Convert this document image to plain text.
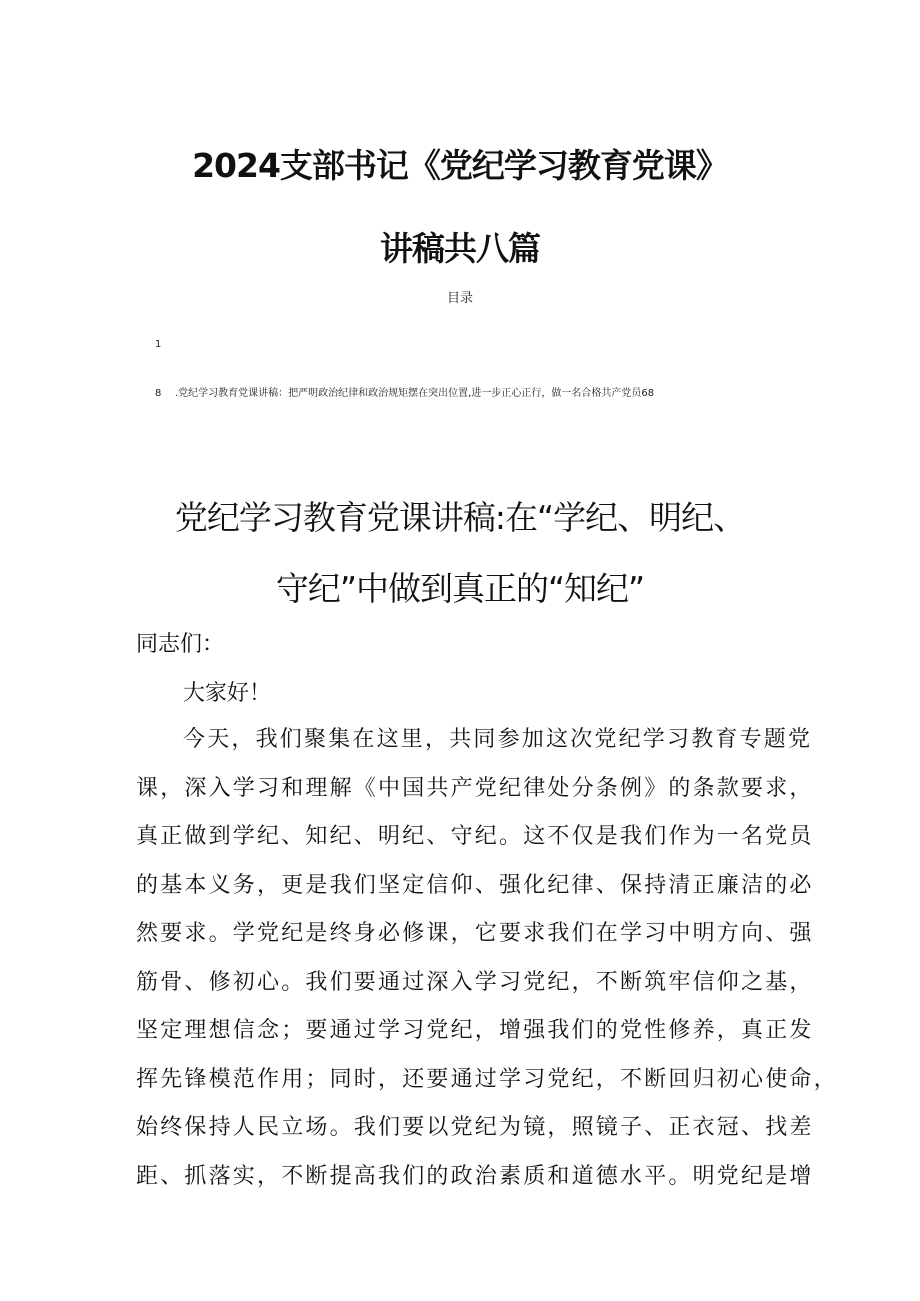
2024支部书记《党纪学习教育党课》
讲稿共八篇
目录
1
8 .党纪学习教育党课讲稿：把严明政治纪律和政治规矩摆在突出位置,进一步正心正行，做一名合格共产党员68
党纪学习教育党课讲稿:在“学纪、明纪、
守纪”中做到真正的“知纪”
同志们：
大家好！
今天，我们聚集在这里，共同参加这次党纪学习教育专题党
课，深入学习和理解《中国共产党纪律处分条例》的条款要求，
真正做到学纪、知纪、明纪、守纪。这不仅是我们作为一名党员
的基本义务，更是我们坚定信仰、强化纪律、保持清正廉洁的必
然要求。学党纪是终身必修课，它要求我们在学习中明方向、强
筋骨、修初心。我们要通过深入学习党纪，不断筑牢信仰之基，
坚定理想信念；要通过学习党纪，增强我们的党性修养，真正发
挥先锋模范作用；同时，还要通过学习党纪，不断回归初心使命，
始终保持人民立场。我们要以党纪为镜，照镜子、正衣冠、找差
距、抓落实，不断提高我们的政治素质和道德水平。明党纪是增
